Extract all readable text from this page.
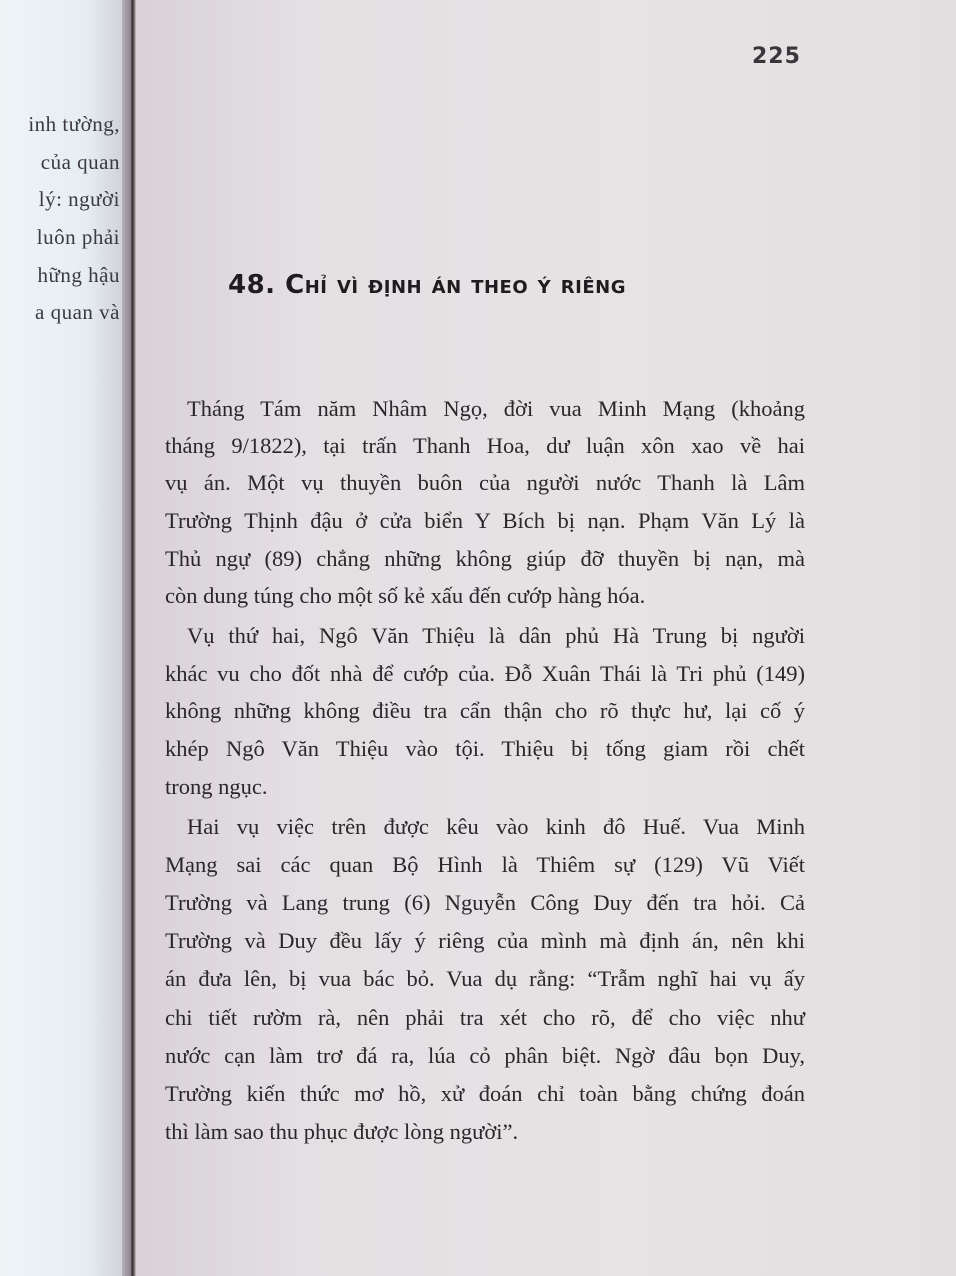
inh tường,
của quan
lý: người
luôn phải
hững hậu
a quan và
225
48. Chỉ vì định án theo ý riêng
Tháng Tám năm Nhâm Ngọ, đời vua Minh Mạng (khoảng
tháng 9/1822), tại trấn Thanh Hoa, dư luận xôn xao về hai
vụ án. Một vụ thuyền buôn của người nước Thanh là Lâm
Trường Thịnh đậu ở cửa biển Y Bích bị nạn. Phạm Văn Lý là
Thủ ngự (89) chẳng những không giúp đỡ thuyền bị nạn, mà
còn dung túng cho một số kẻ xấu đến cướp hàng hóa.
Vụ thứ hai, Ngô Văn Thiệu là dân phủ Hà Trung bị người
khác vu cho đốt nhà để cướp của. Đỗ Xuân Thái là Tri phủ (149)
không những không điều tra cẩn thận cho rõ thực hư, lại cố ý
khép Ngô Văn Thiệu vào tội. Thiệu bị tống giam rồi chết
trong ngục.
Hai vụ việc trên được kêu vào kinh đô Huế. Vua Minh
Mạng sai các quan Bộ Hình là Thiêm sự (129) Vũ Viết
Trường và Lang trung (6) Nguyễn Công Duy đến tra hỏi. Cả
Trường và Duy đều lấy ý riêng của mình mà định án, nên khi
án đưa lên, bị vua bác bỏ. Vua dụ rằng: “Trẫm nghĩ hai vụ ấy
chi tiết rườm rà, nên phải tra xét cho rõ, để cho việc như
nước cạn làm trơ đá ra, lúa cỏ phân biệt. Ngờ đâu bọn Duy,
Trường kiến thức mơ hồ, xử đoán chỉ toàn bằng chứng đoán
thì làm sao thu phục được lòng người”.
